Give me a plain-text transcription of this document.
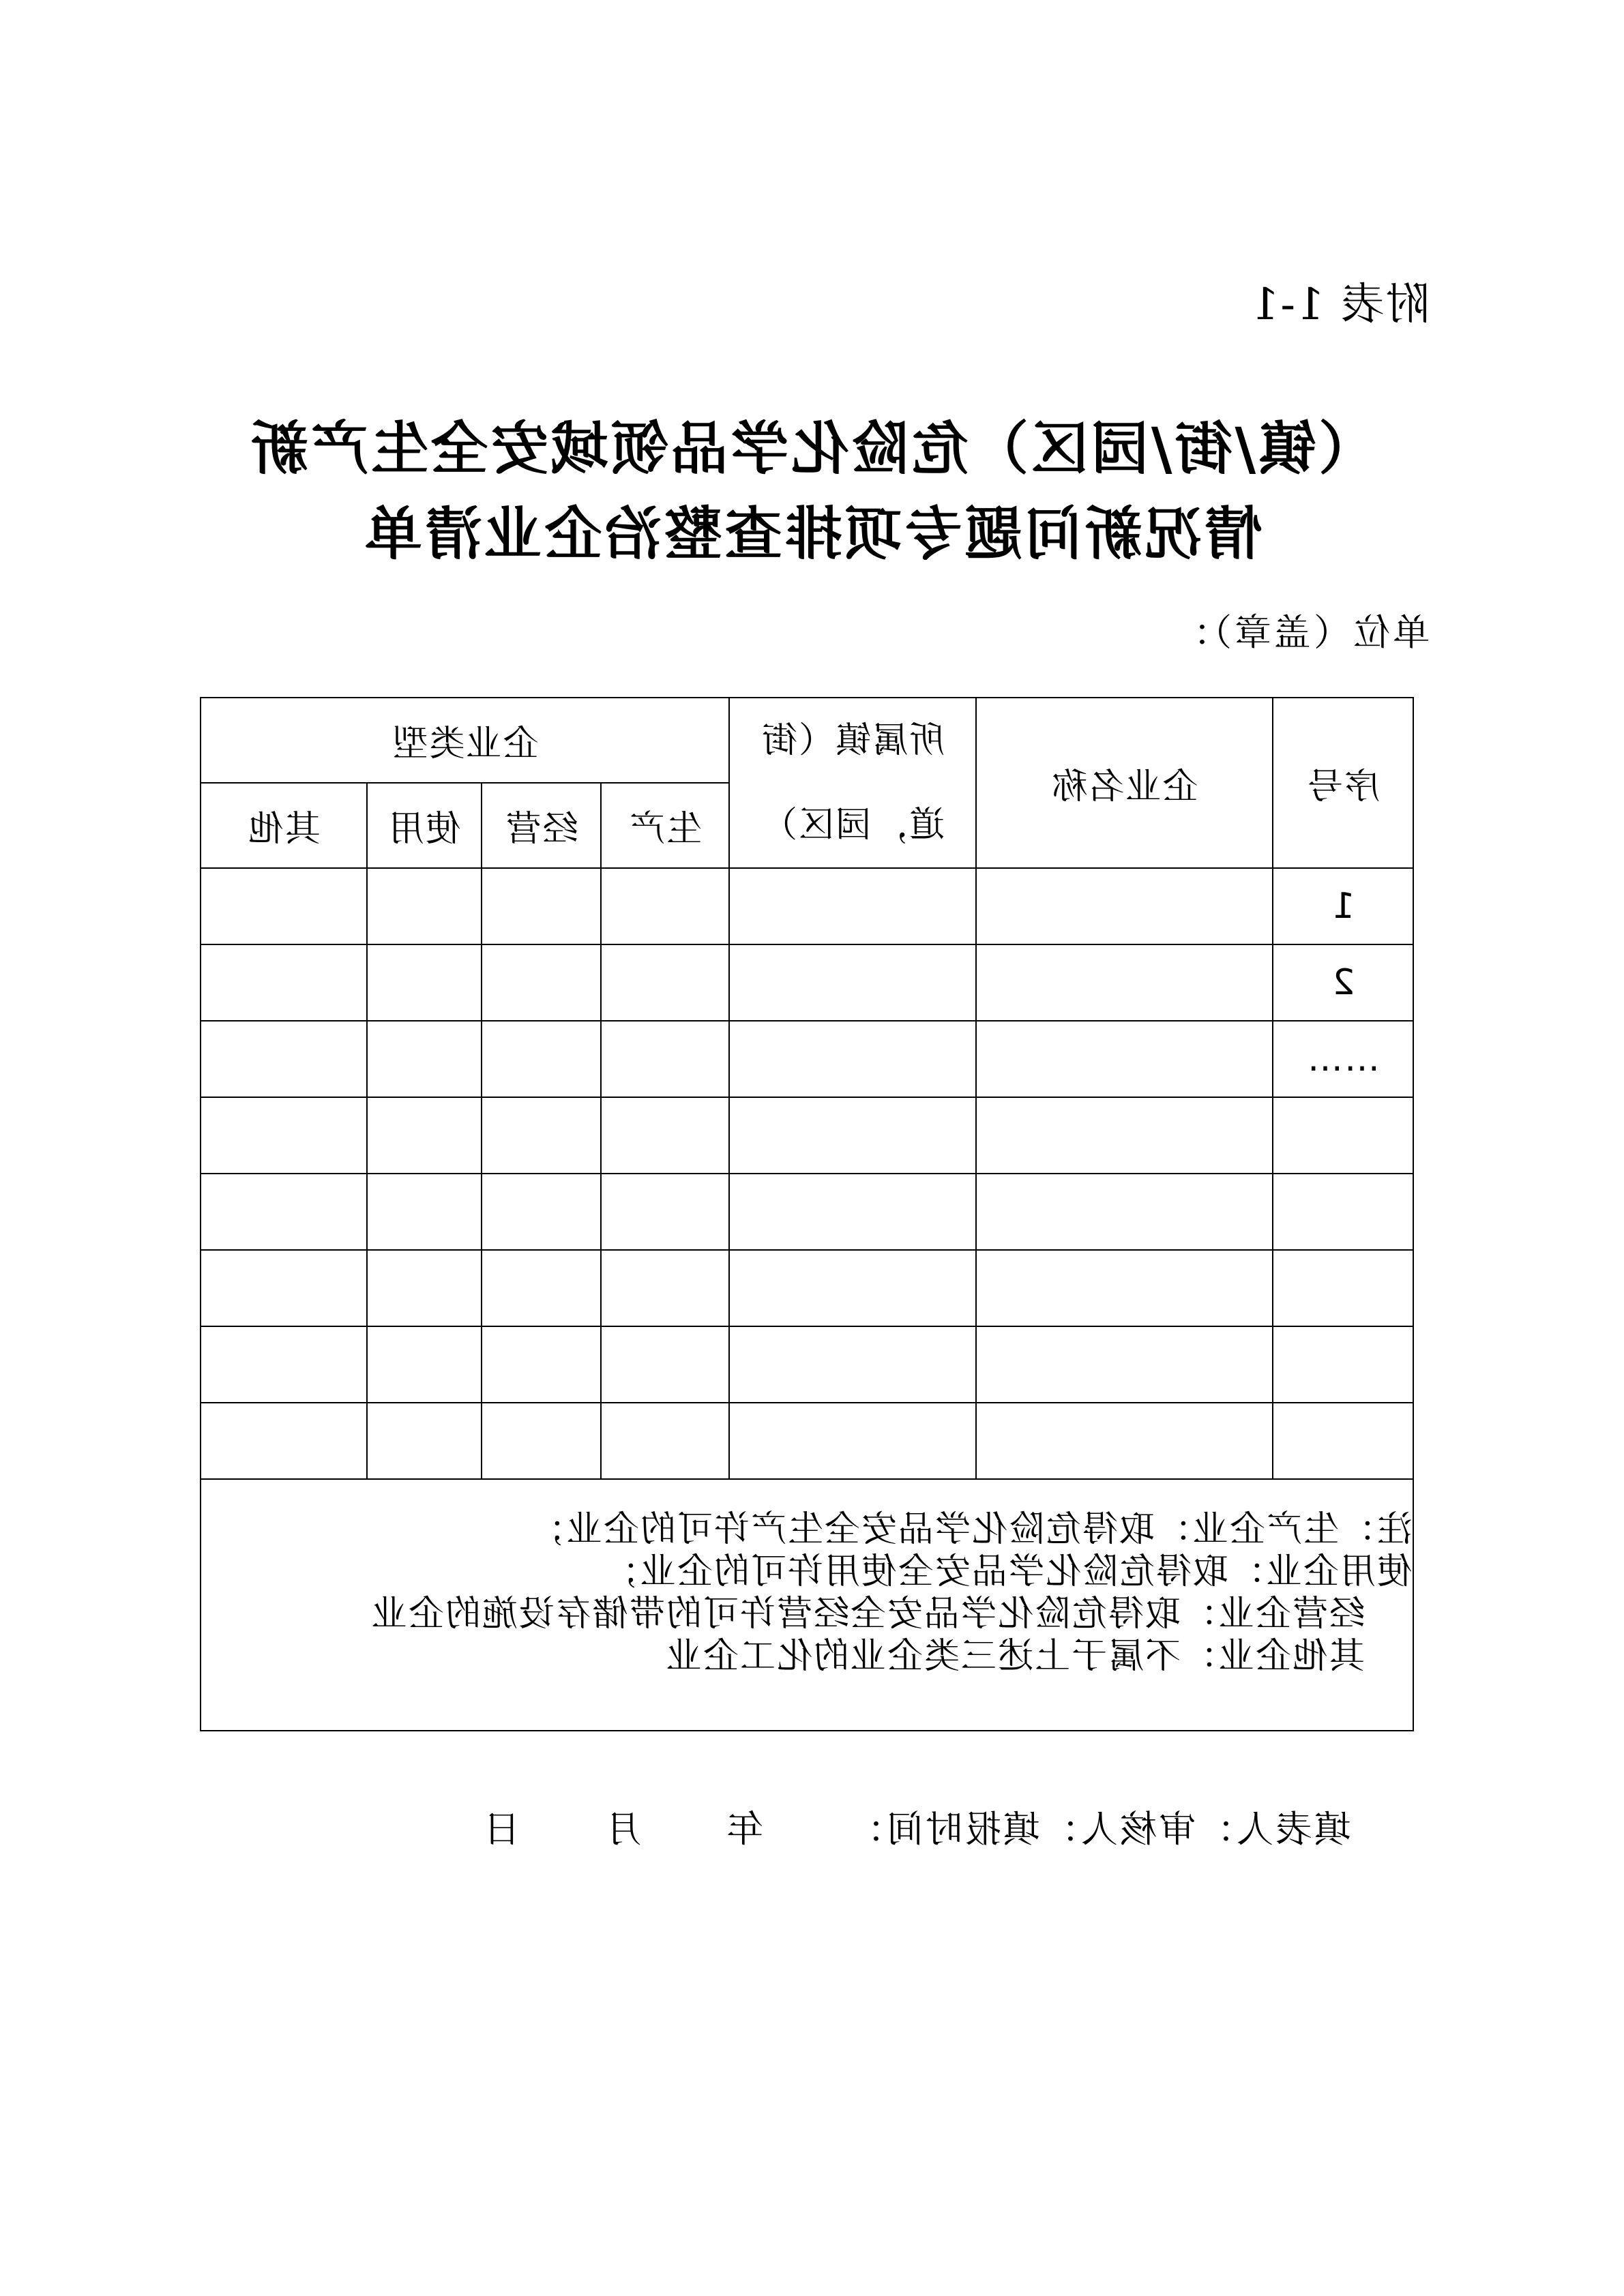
附表 1-1
（镇/街/园区）危险化学品领域安全生产新
情况新问题专项排查整治企业清单
单位（盖章）：
序号	企业名称	所属镇（街道，园区）	企业类型			
			生产	经营	使用	其他
1						
2						
……						

注：生产企业：取得危险化学品安全生产许可的企业；
使用企业：取得危险化学品安全使用许可的企业；
经营企业：取得危险化学品安全经营许可的带储存设施的企业
其他企业：不属于上述三类企业的化工企业						
填表人：审核人：填报时间：      年      月      日
